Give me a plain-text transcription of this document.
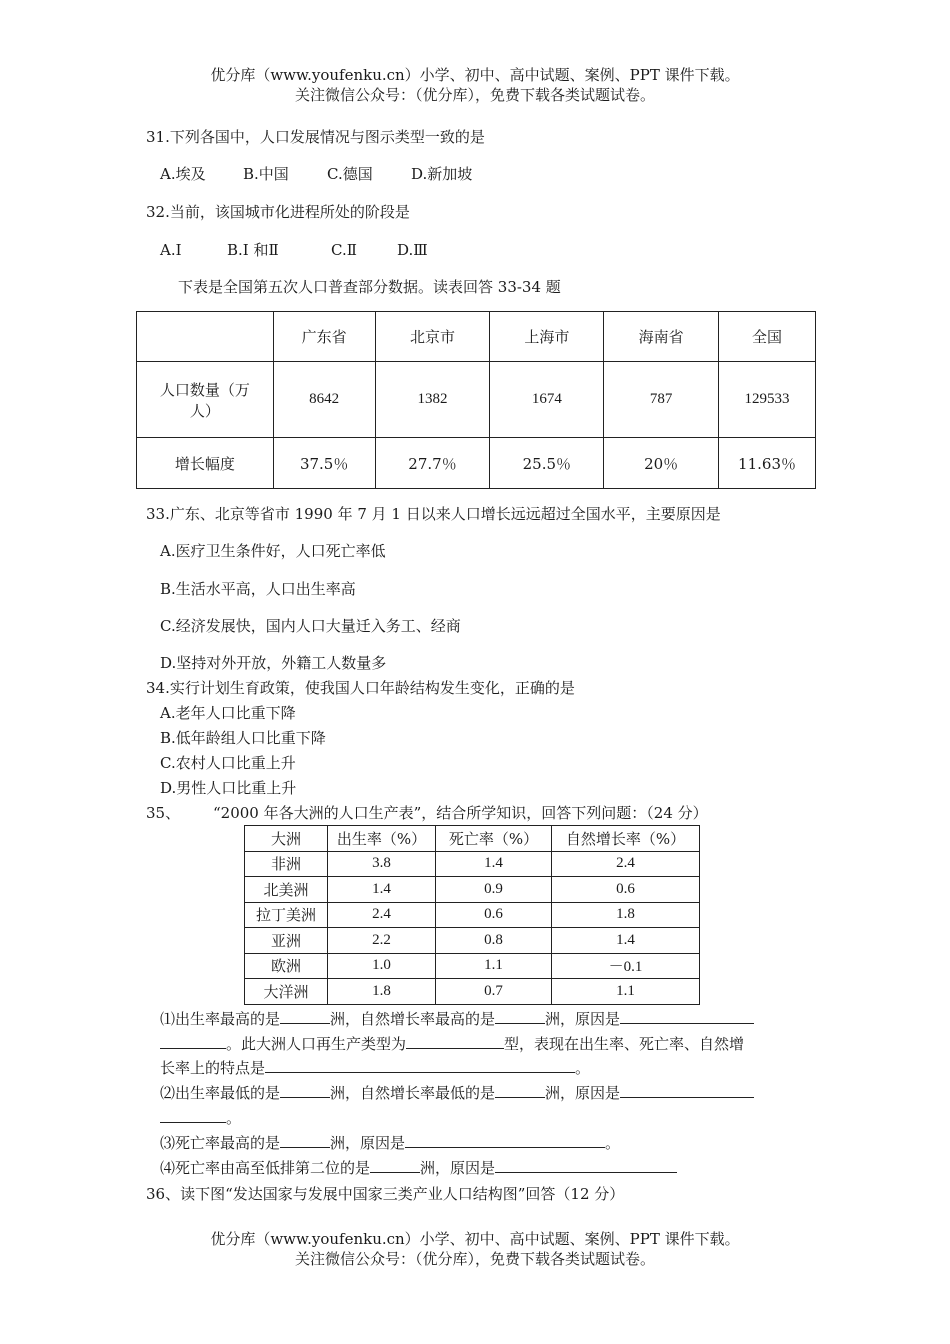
优分库（www.youfenku.cn）小学、初中、高中试题、案例、PPT 课件下载。
关注微信公众号：（优分库），免费下载各类试题试卷。
31.下列各国中，人口发展情况与图示类型一致的是
A.埃及 B.中国	C.德国	D.新加坡
32.当前，该国城市化进程所处的阶段是
A.Ⅰ	B.Ⅰ 和Ⅱ	C.Ⅱ	D.Ⅲ
下表是全国第五次人口普查部分数据。读表回答 33-34 题
	广东省	北京市	上海市	海南省	全国
人口数量（万
人）	8642	1382	1674	787	129533
增长幅度	37.5％	27.7％	25.5％	20％	11.63％
33.广东、北京等省市 1990 年 7 月 1 日以来人口增长远远超过全国水平，主要原因是
A.医疗卫生条件好，人口死亡率低
B.生活水平高，人口出生率高
C.经济发展快，国内人口大量迁入务工、经商
D.坚持对外开放，外籍工人数量多
34.实行计划生育政策，使我国人口年龄结构发生变化，正确的是
A.老年人口比重下降
B.低年龄组人口比重下降
C.农村人口比重上升
D.男性人口比重上升
35、 “2000 年各大洲的人口生产表”，结合所学知识，回答下列问题：（24 分）
大洲	出生率（%）	死亡率（%）	自然增长率（%）
非洲	3.8	1.4	2.4
北美洲	1.4	0.9	0.6
拉丁美洲	2.4	0.6	1.8
亚洲	2.2	0.8	1.4
欧洲	1.0	1.1	－0.1
大洋洲	1.8	0.7	1.1
⑴出生率最高的是	洲，自然增长率最高的是	洲，原因是
。此大洲人口再生产类型为	型，表现在出生率、死亡率、自然增
长率上的特点是	。
⑵出生率最低的是	洲，自然增长率最低的是	洲，原因是
。
⑶死亡率最高的是	洲，原因是	。
⑷死亡率由高至低排第二位的是	洲，原因是
36、读下图“发达国家与发展中国家三类产业人口结构图”回答（12 分）
优分库（www.youfenku.cn）小学、初中、高中试题、案例、PPT 课件下载。
关注微信公众号：（优分库），免费下载各类试题试卷。
